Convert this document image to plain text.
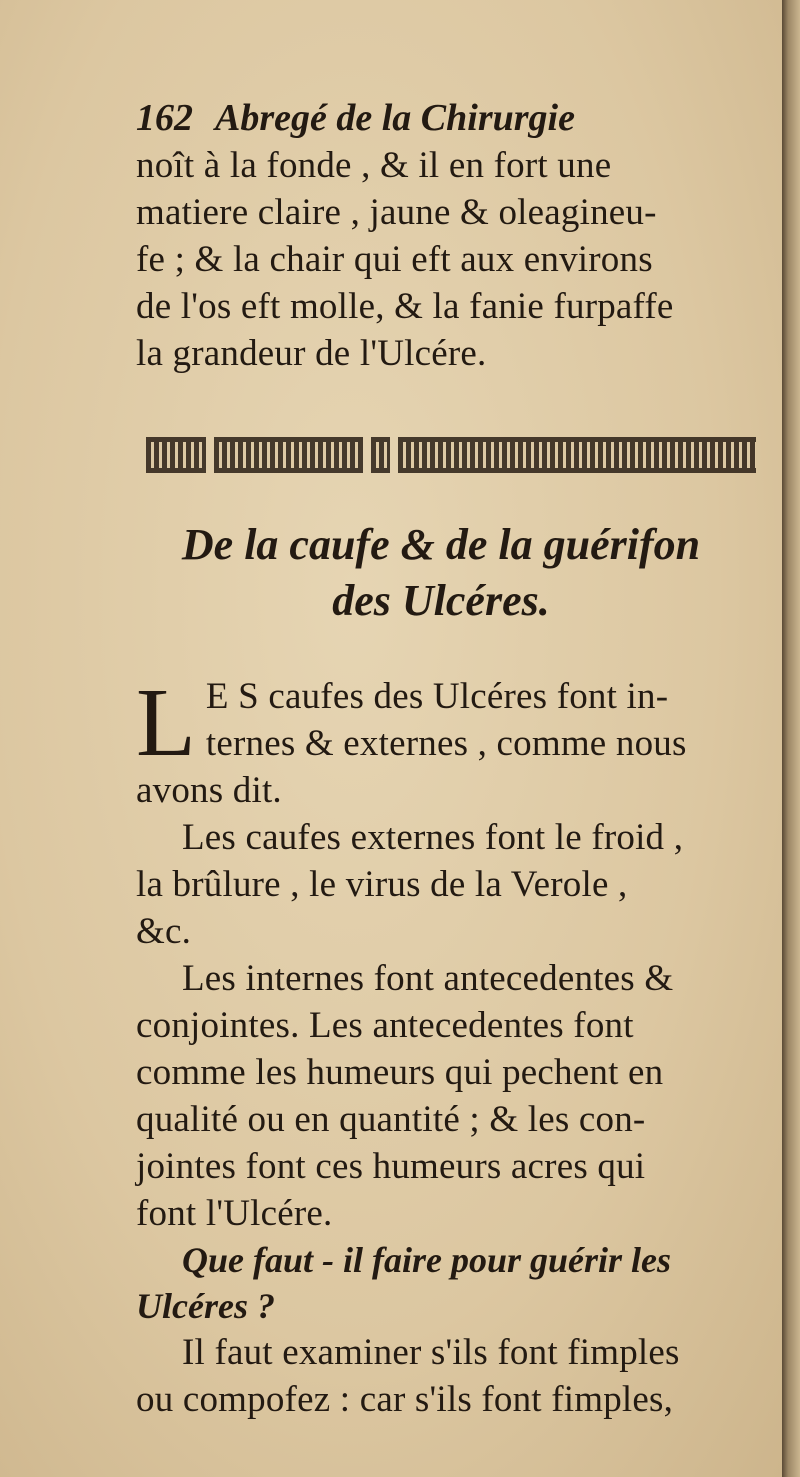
162 Abregé de la Chirurgie
noît à la fonde , & il en fort une
matiere claire , jaune & oleagineu-
fe ; & la chair qui eft aux environs
de l'os eft molle, & la fanie furpaffe
la grandeur de l'Ulcére.
De la caufe & de la guérifon
des Ulcéres.
L E S caufes des Ulcéres font in-
ternes & externes , comme nous
avons dit.
Les caufes externes font le froid ,
la brûlure , le virus de la Verole ,
&c.
Les internes font antecedentes &
conjointes. Les antecedentes font
comme les humeurs qui pechent en
qualité ou en quantité ; & les con-
jointes font ces humeurs acres qui
font l'Ulcére.
Que faut - il faire pour guérir les
Ulcéres ?
Il faut examiner s'ils font fimples
ou compofez : car s'ils font fimples,
